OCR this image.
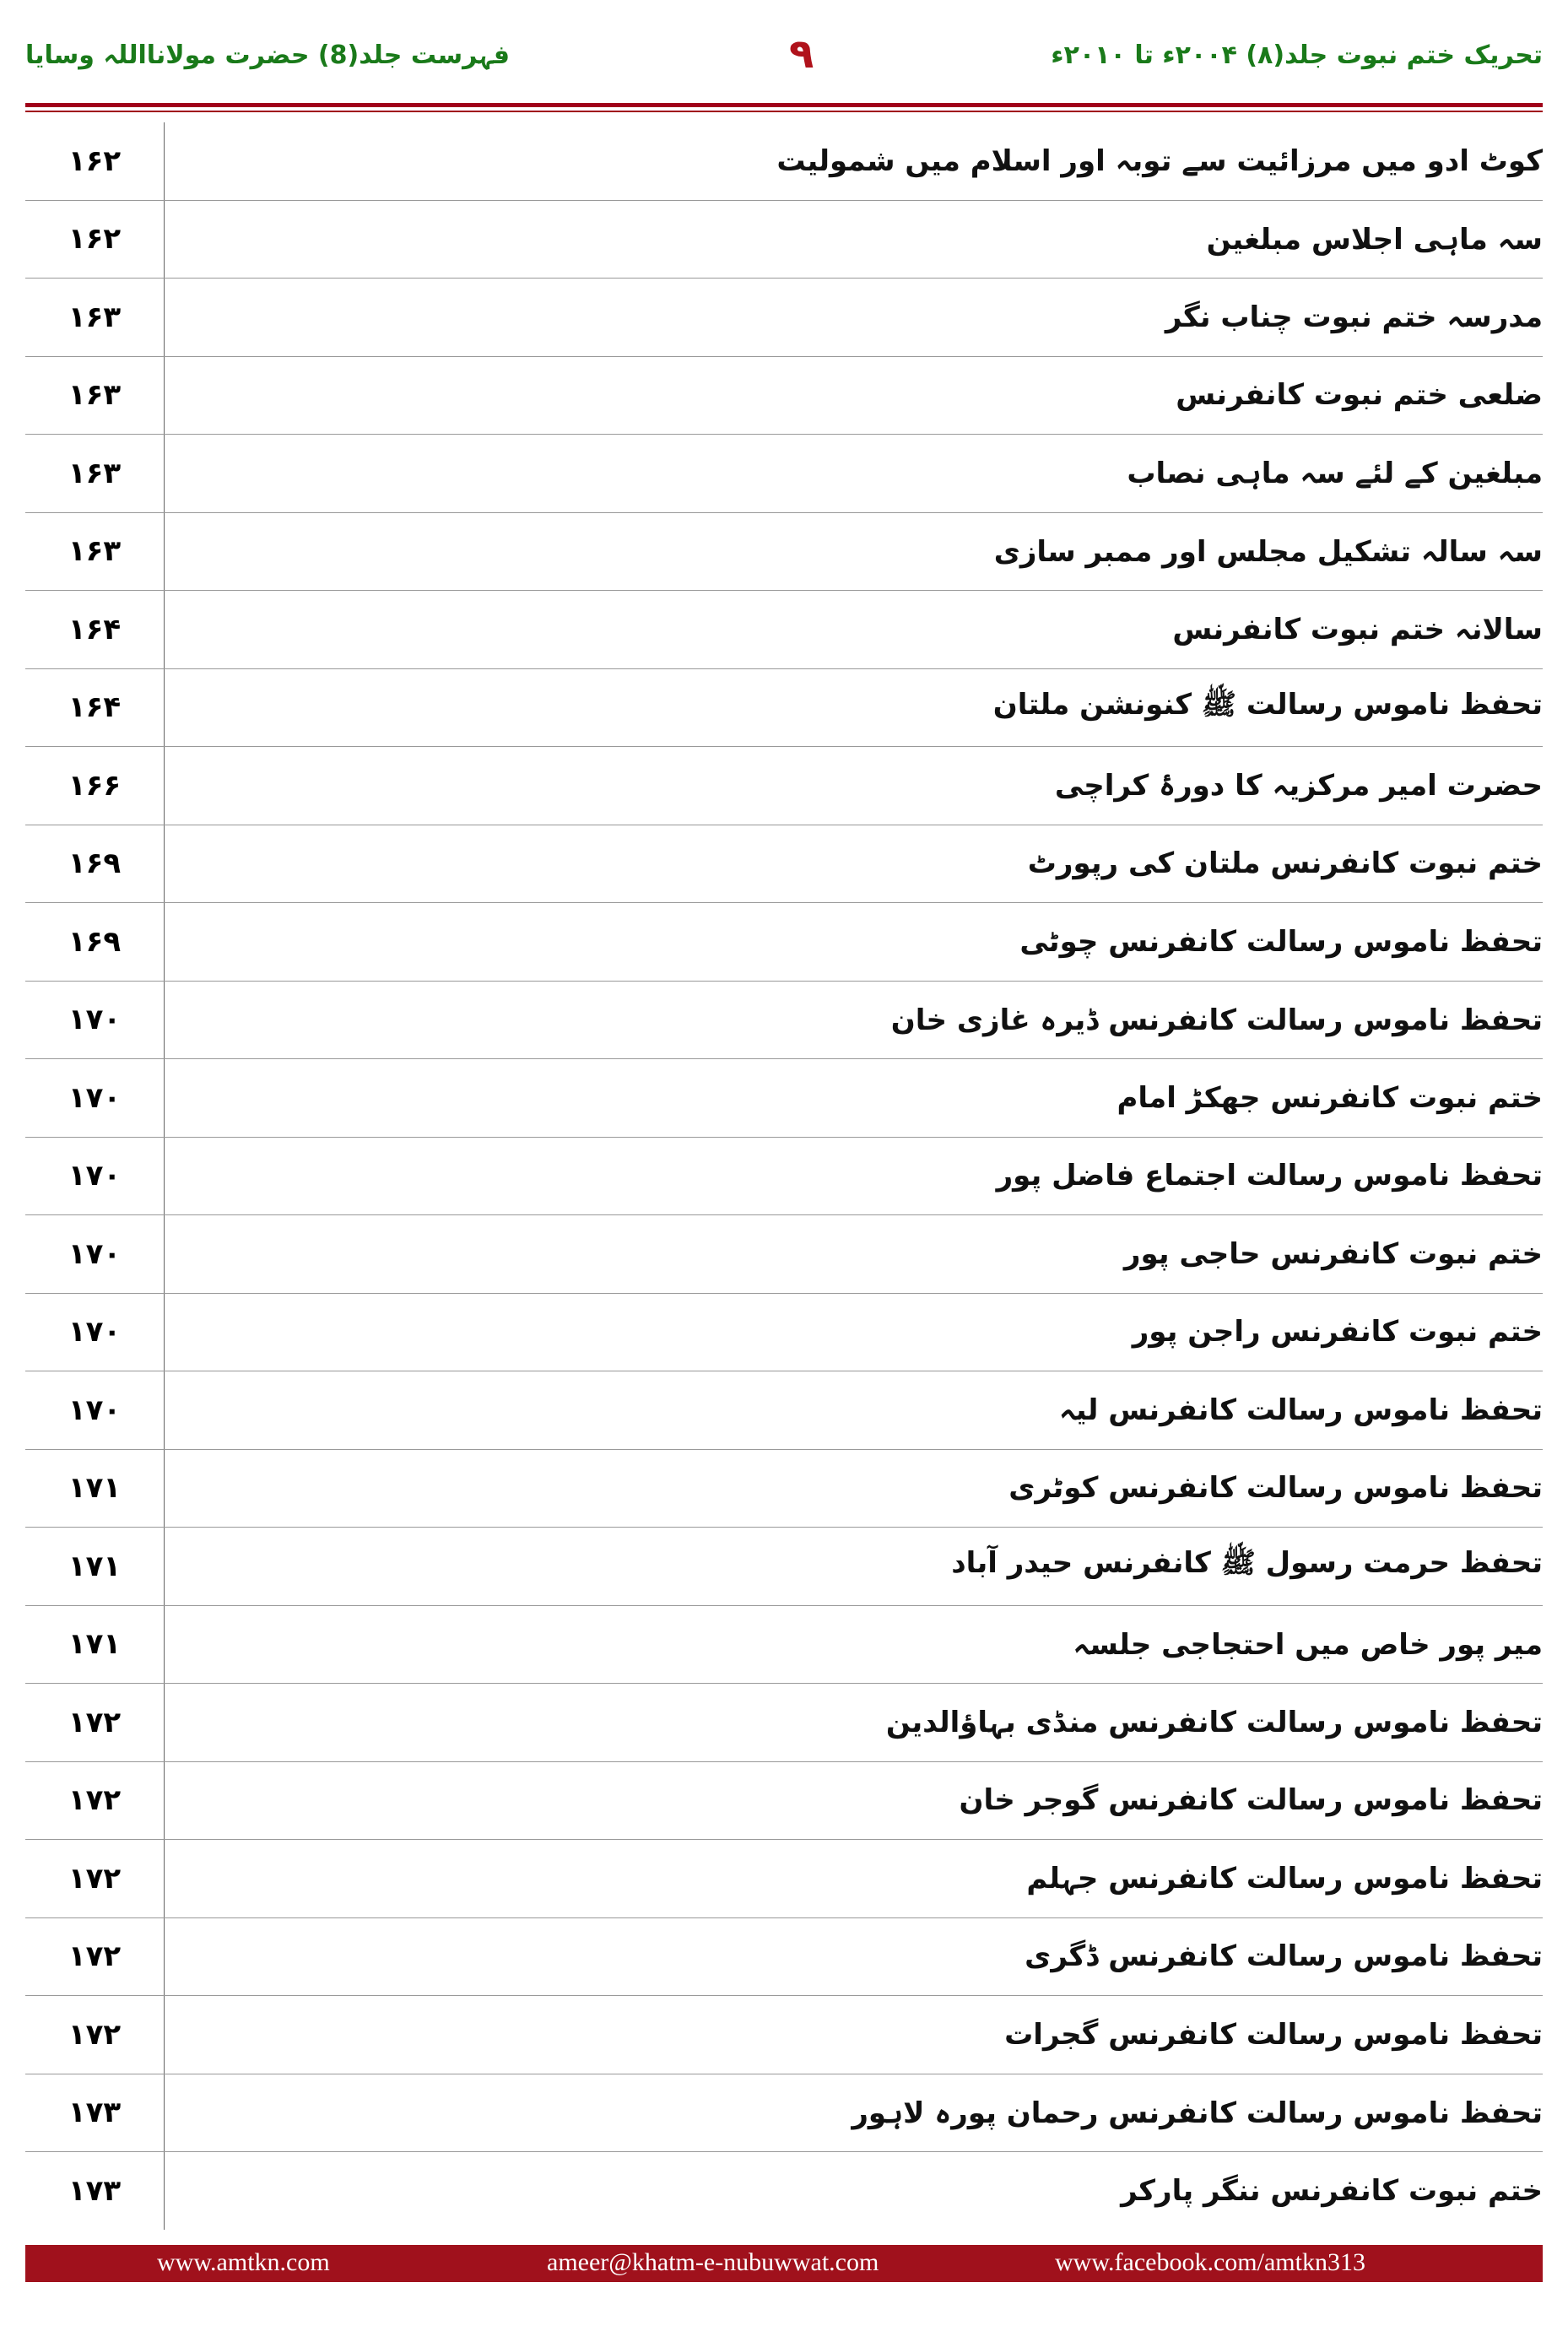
فہرست جلد(8) حضرت مولانااللہ وسایا	۹	تحریک ختم نبوت جلد(۸) ۲۰۰۴ء تا ۲۰۱۰ء
۱۶۲	کوٹ ادو میں مرزائیت سے توبہ اور اسلام میں شمولیت
۱۶۲	سہ ماہی اجلاس مبلغین
۱۶۳	مدرسہ ختم نبوت چناب نگر
۱۶۳	ضلعی ختم نبوت کانفرنس
۱۶۳	مبلغین کے لئے سہ ماہی نصاب
۱۶۳	سہ سالہ تشکیل مجلس اور ممبر سازی
۱۶۴	سالانہ ختم نبوت کانفرنس
۱۶۴	تحفظ ناموس رسالت ﷺ کنونشن ملتان
۱۶۶	حضرت امیر مرکزیہ کا دورۂ کراچی
۱۶۹	ختم نبوت کانفرنس ملتان کی رپورٹ
۱۶۹	تحفظ ناموس رسالت کانفرنس چوٹی
۱۷۰	تحفظ ناموس رسالت کانفرنس ڈیرہ غازی خان
۱۷۰	ختم نبوت کانفرنس جھکڑ امام
۱۷۰	تحفظ ناموس رسالت اجتماع فاضل پور
۱۷۰	ختم نبوت کانفرنس حاجی پور
۱۷۰	ختم نبوت کانفرنس راجن پور
۱۷۰	تحفظ ناموس رسالت کانفرنس لیہ
۱۷۱	تحفظ ناموس رسالت کانفرنس کوٹری
۱۷۱	تحفظ حرمت رسول ﷺ کانفرنس حیدر آباد
۱۷۱	میر پور خاص میں احتجاجی جلسہ
۱۷۲	تحفظ ناموس رسالت کانفرنس منڈی بہاؤالدین
۱۷۲	تحفظ ناموس رسالت کانفرنس گوجر خان
۱۷۲	تحفظ ناموس رسالت کانفرنس جہلم
۱۷۲	تحفظ ناموس رسالت کانفرنس ڈگری
۱۷۲	تحفظ ناموس رسالت کانفرنس گجرات
۱۷۳	تحفظ ناموس رسالت کانفرنس رحمان پورہ لاہور
۱۷۳	ختم نبوت کانفرنس ننگر پارکر
www.amtkn.com	ameer@khatm-e-nubuwwat.com	www.facebook.com/amtkn313
